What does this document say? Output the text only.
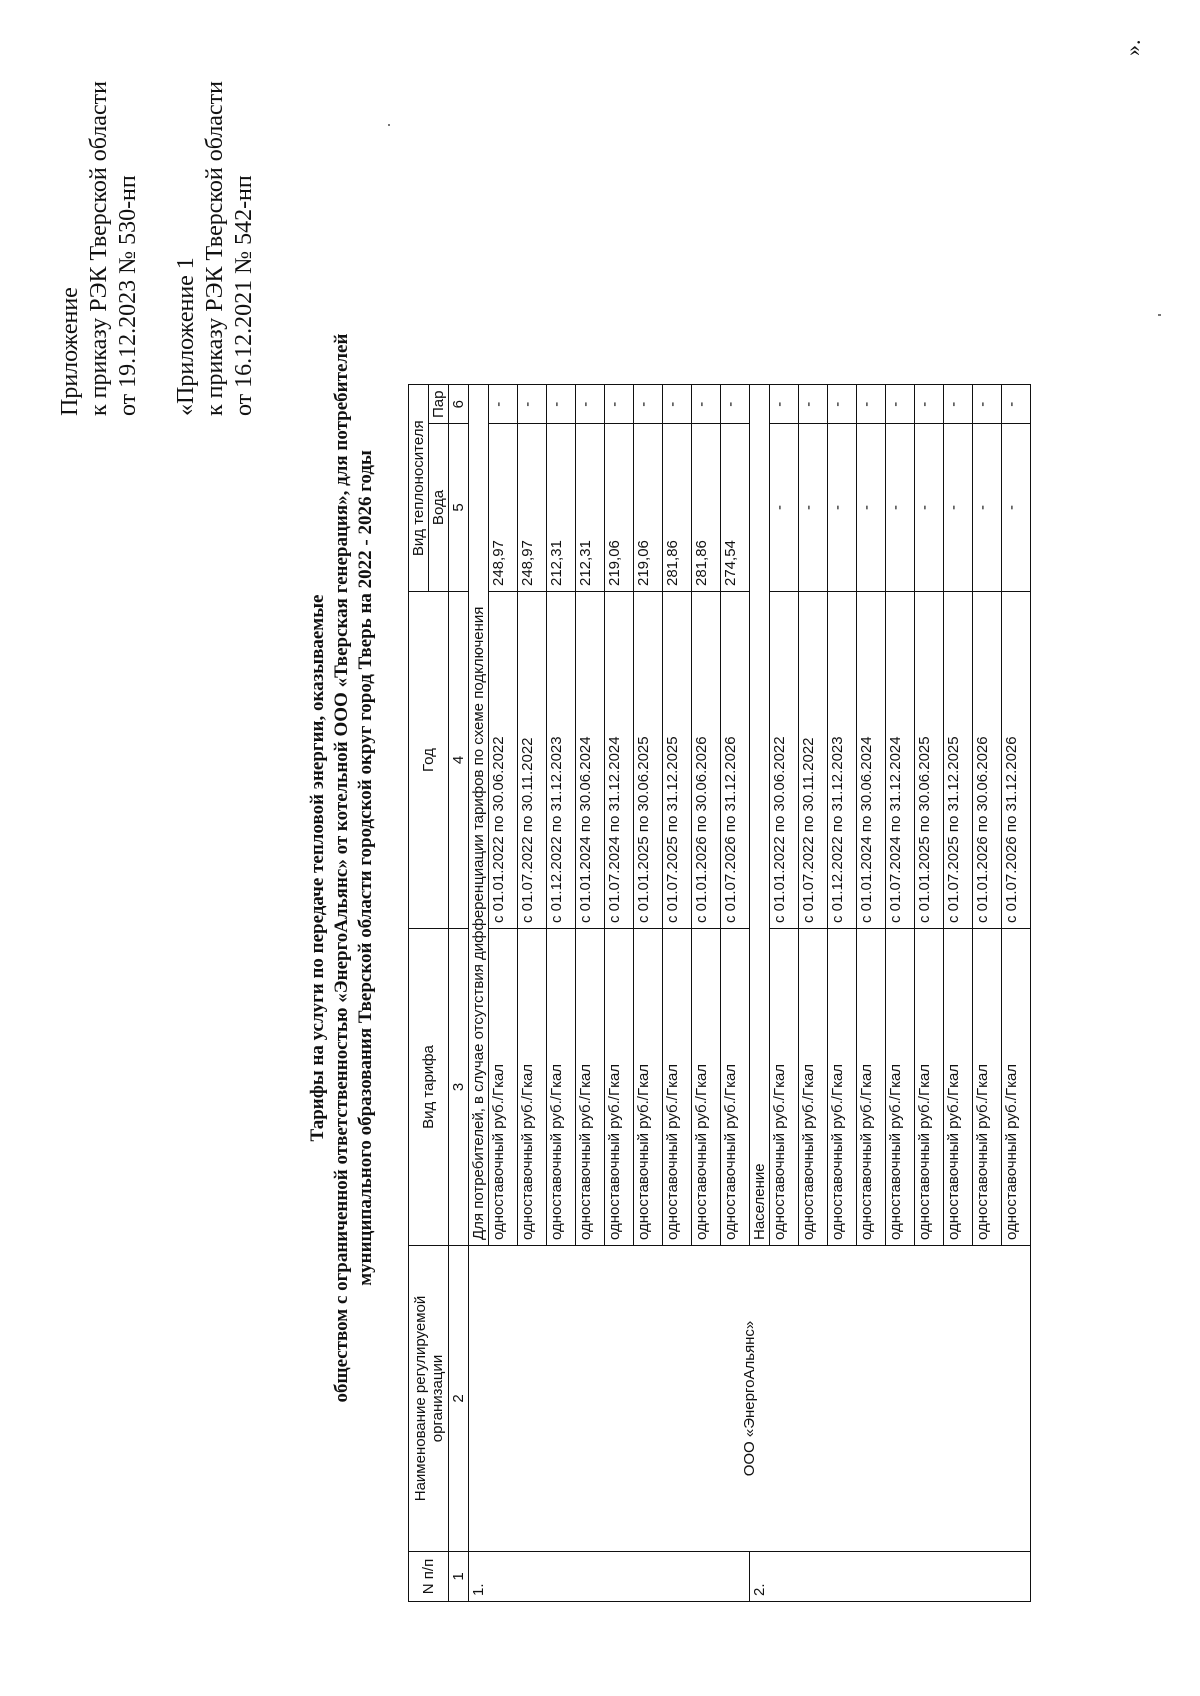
Приложение к приказу РЭК Тверской области от 19.12.2023 № 530-нп «Приложение 1 к приказу РЭК Тверской области от 16.12.2021 № 542-нп
Тарифы на услуги по передаче тепловой энергии, оказываемые обществом с ограниченной ответственностью «ЭнергоАльянс» от котельной ООО «Тверская генерация», для потребителей муниципального образования Тверской области городской округ город Тверь на 2022 - 2026 годы
N п/п	Наименование регулируемой организации	Вид тарифа	Год	Вид теплоносителя	
				Вода	Пар
1	2	3	4	5	6
1.	ООО «ЭнергоАльянс»	Для потребителей, в случае отсутствия дифференциации тарифов по схеме подключения			
		одноставочный руб./Гкал	с 01.01.2022 по 30.06.2022	248,97	-
		одноставочный руб./Гкал	с 01.07.2022 по 30.11.2022	248,97	-
		одноставочный руб./Гкал	с 01.12.2022 по 31.12.2023	212,31	-
		одноставочный руб./Гкал	с 01.01.2024 по 30.06.2024	212,31	-
		одноставочный руб./Гкал	с 01.07.2024 по 31.12.2024	219,06	-
		одноставочный руб./Гкал	с 01.01.2025 по 30.06.2025	219,06	-
		одноставочный руб./Гкал	с 01.07.2025 по 31.12.2025	281,86	-
		одноставочный руб./Гкал	с 01.01.2026 по 30.06.2026	281,86	-
		одноставочный руб./Гкал	с 01.07.2026 по 31.12.2026	274,54	-
2.		Население			
		одноставочный руб./Гкал	с 01.01.2022 по 30.06.2022	-	-
		одноставочный руб./Гкал	с 01.07.2022 по 30.11.2022	-	-
		одноставочный руб./Гкал	с 01.12.2022 по 31.12.2023	-	-
		одноставочный руб./Гкал	с 01.01.2024 по 30.06.2024	-	-
		одноставочный руб./Гкал	с 01.07.2024 по 31.12.2024	-	-
		одноставочный руб./Гкал	с 01.01.2025 по 30.06.2025	-	-
		одноставочный руб./Гкал	с 01.07.2025 по 31.12.2025	-	-
		одноставочный руб./Гкал	с 01.01.2026 по 30.06.2026	-	-
		одноставочный руб./Гкал	с 01.07.2026 по 31.12.2026	-	-
».
